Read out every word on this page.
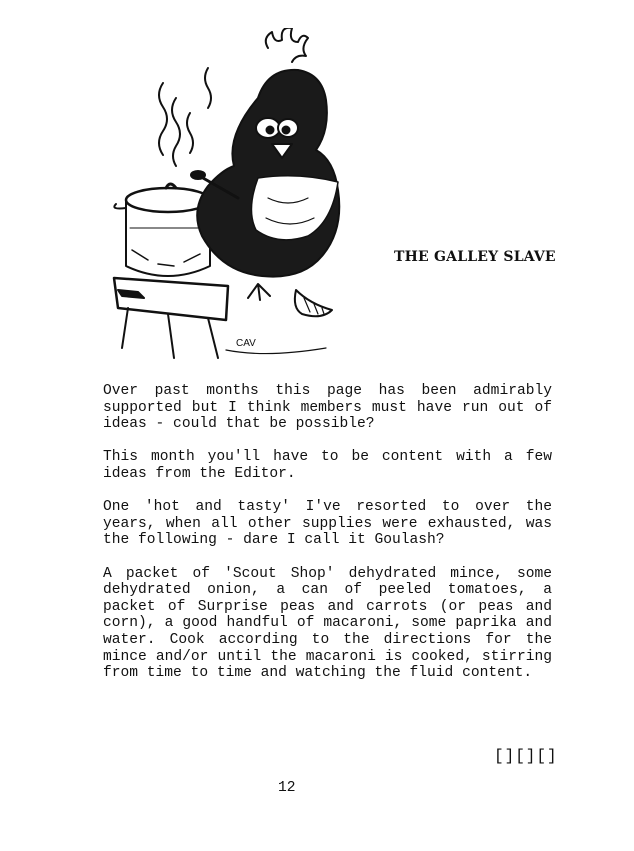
CAV
THE GALLEY SLAVE

Over past months this page has been admirably supported but I think members must have run out of ideas - could that be possible?

This month you'll have to be content with a few ideas from the Editor.

One 'hot and tasty' I've resorted to over the years, when all other supplies were exhausted, was the following - dare I call it Goulash?

A packet of 'Scout Shop' dehydrated mince, some dehydrated onion, a can of peeled tomatoes, a packet of Surprise peas and carrots (or peas and corn), a good handful of macaroni, some paprika and water. Cook according to the directions for the mince and/or until the macaroni is cooked, stirring from time to time and watching the fluid content.

[][][]
12
